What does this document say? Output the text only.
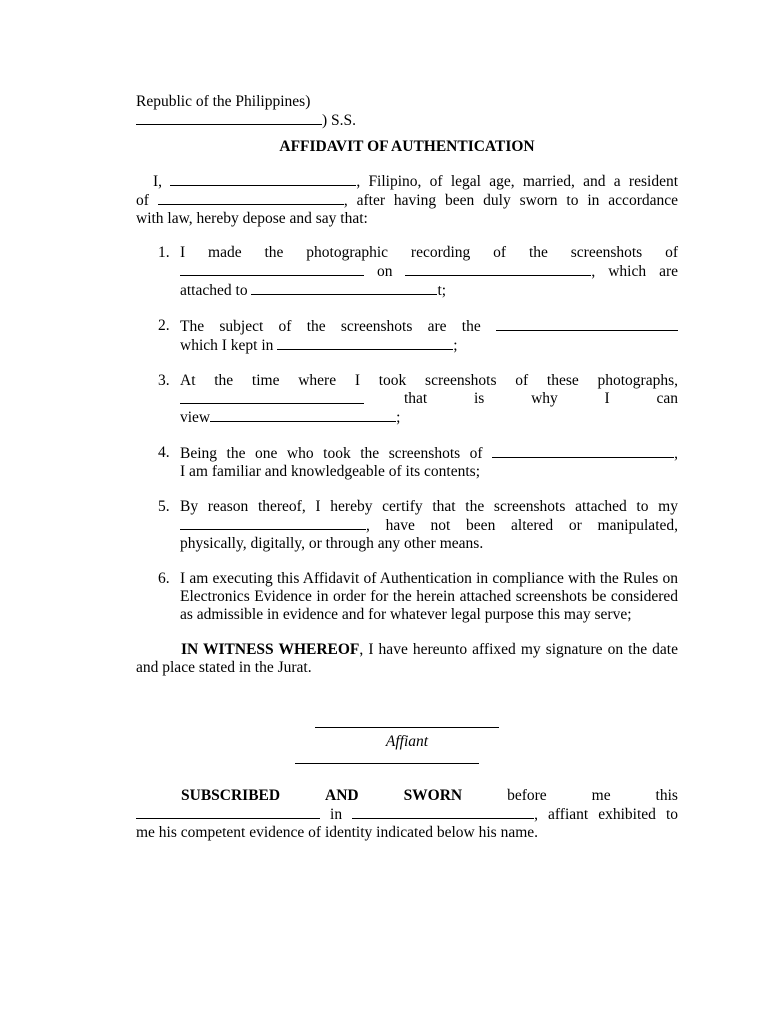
Republic of the Philippines)
) S.S.
AFFIDAVIT OF AUTHENTICATION
I,	, Filipino, of legal age, married, and a resident
of	, after having been duly sworn to in accordance
with law, hereby depose and say that:
1. I made the photographic recording of the screenshots of
on	, which are
attached to	t;
2. The subject of the screenshots are the
which I kept in	;
3. At the time where I took screenshots of these photographs,
that is why I can
view	;
4. Being the one who took the screenshots of	,
I am familiar and knowledgeable of its contents;
5. By reason thereof, I hereby certify that the screenshots attached to my
, have not been altered or manipulated,
physically, digitally, or through any other means.
6. I am executing this Affidavit of Authentication in compliance with the Rules on Electronics Evidence in order for the herein attached screenshots be considered as admissible in evidence and for whatever legal purpose this may serve;
IN WITNESS WHEREOF, I have hereunto affixed my signature on the date and place stated in the Jurat.
Affiant
SUBSCRIBED	AND	SWORN	before	me	this
in	, affiant exhibited to
me his competent evidence of identity indicated below his name.
